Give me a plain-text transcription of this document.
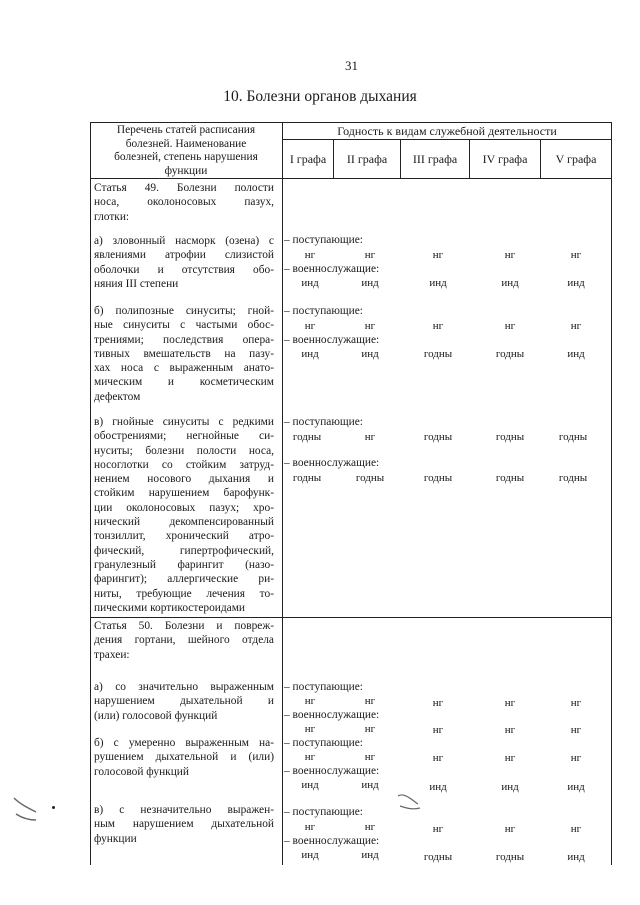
31
10. Болезни органов дыхания
Перечень статей расписания
болезней. Наименование
болезней, степень нарушения
функции
Годность к видам служебной деятельности
I графа	II графа	III графа	IV графа	V графа
Статья 49. Болезни полости
носа, околоносовых пазух,
глотки:
а) зловонный насморк (озена) с
явлениями атрофии слизистой
оболочки и отсутствия обо-
няния III степени
– поступающие:
нг	нг	нг	нг	нг
– военнослужащие:
инд	инд	инд	инд	инд
б) полипозные синуситы; гной-
ные синуситы с частыми обос-
трениями; последствия опера-
тивных вмешательств на пазу-
хах носа с выраженным анато-
мическим и косметическим
дефектом
– поступающие:
нг	нг	нг	нг	нг
– военнослужащие:
инд	инд	годны	годны	инд
в) гнойные синуситы с редкими
обострениями; негнойные си-
нуситы; болезни полости носа,
носоглотки со стойким затруд-
нением носового дыхания и
стойким нарушением барофунк-
ции околоносовых пазух; хро-
нический декомпенсированный
тонзиллит, хронический атро-
фический, гипертрофический,
гранулезный фарингит (назо-
фарингит); аллергические ри-
ниты, требующие лечения то-
пическими кортикостероидами
– поступающие:
годны	нг	годны	годны	годны
– военнослужащие:
годны	годны	годны	годны	годны
Статья 50. Болезни и повреж-
дения гортани, шейного отдела
трахеи:
а) со значительно выраженным
нарушением дыхательной и
(или) голосовой функций
– поступающие:
нг	нг	нг	нг	нг
– военнослужащие:
нг	нг	нг	нг	нг
б) с умеренно выраженным на-
рушением дыхательной и (или)
голосовой функций
– поступающие:
нг	нг	нг	нг	нг
– военнослужащие:
инд	инд	инд	инд	инд
в) с незначительно выражен-
ным нарушением дыхательной
функции
– поступающие:
нг	нг	нг	нг	нг
– военнослужащие:
инд	инд	годны	годны	инд
